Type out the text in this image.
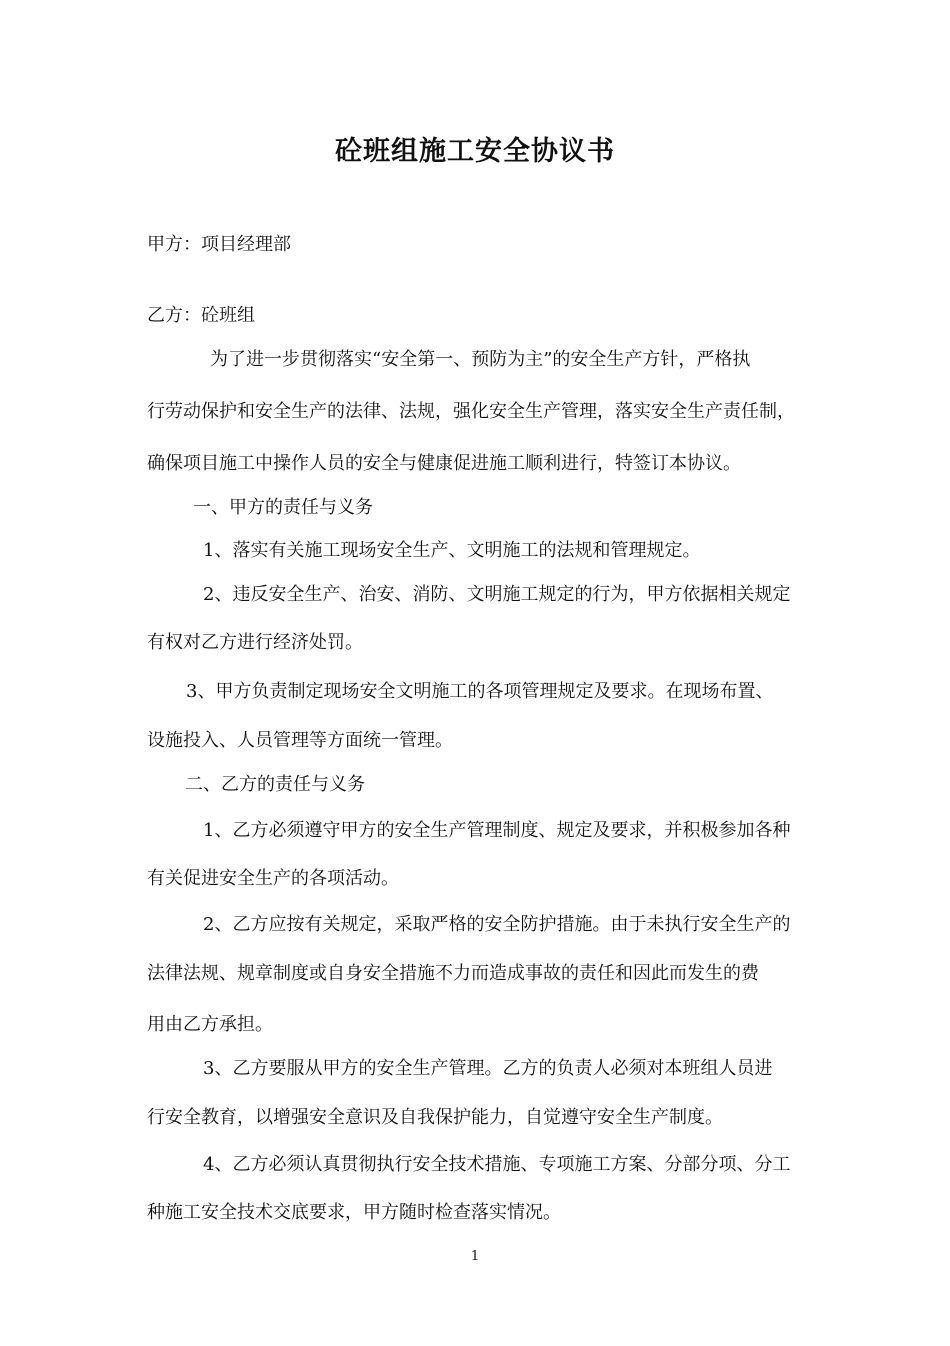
砼班组施工安全协议书

甲方：项目经理部

乙方：砼班组

为了进一步贯彻落实“安全第一、预防为主”的安全生产方针，严格执

行劳动保护和安全生产的法律、法规，强化安全生产管理，落实安全生产责任制，

确保项目施工中操作人员的安全与健康促进施工顺利进行，特签订本协议。

一、甲方的责任与义务

1、落实有关施工现场安全生产、文明施工的法规和管理规定。

2、违反安全生产、治安、消防、文明施工规定的行为，甲方依据相关规定

有权对乙方进行经济处罚。

3、甲方负责制定现场安全文明施工的各项管理规定及要求。在现场布置、

设施投入、人员管理等方面统一管理。

二、乙方的责任与义务

1、乙方必须遵守甲方的安全生产管理制度、规定及要求，并积极参加各种

有关促进安全生产的各项活动。

2、乙方应按有关规定，采取严格的安全防护措施。由于未执行安全生产的

法律法规、规章制度或自身安全措施不力而造成事故的责任和因此而发生的费

用由乙方承担。

3、乙方要服从甲方的安全生产管理。乙方的负责人必须对本班组人员进

行安全教育，以增强安全意识及自我保护能力，自觉遵守安全生产制度。

4、乙方必须认真贯彻执行安全技术措施、专项施工方案、分部分项、分工

种施工安全技术交底要求，甲方随时检查落实情况。

1
